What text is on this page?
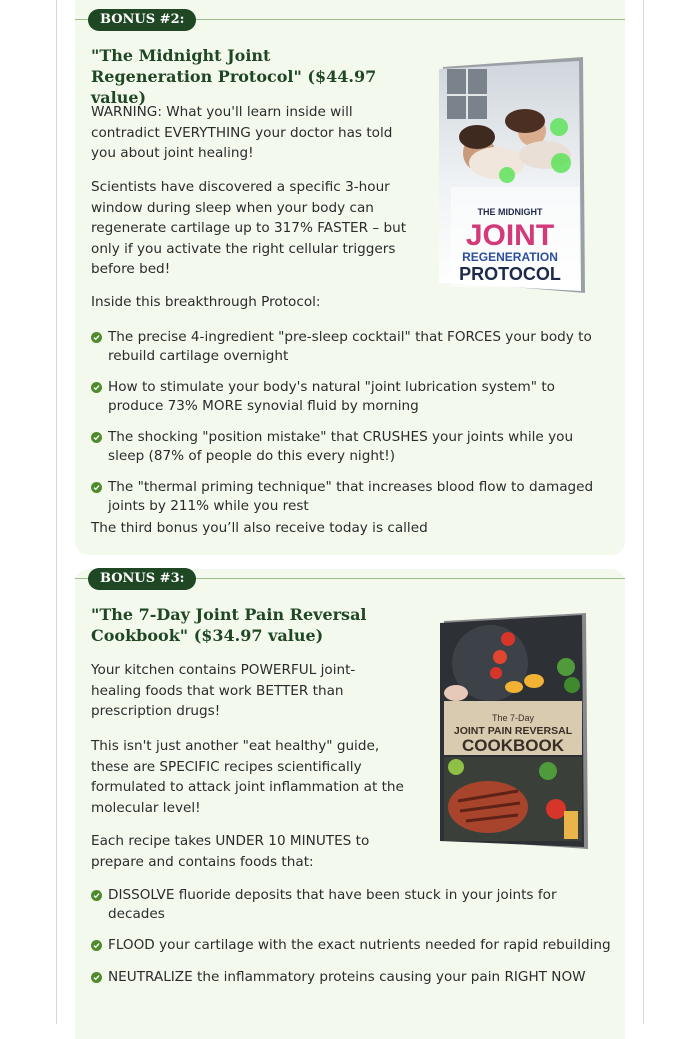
BONUS #2:
"The Midnight Joint Regeneration Protocol" ($44.97 value)

WARNING: What you'll learn inside will contradict EVERYTHING your doctor has told you about joint healing!

Scientists have discovered a specific 3-hour window during sleep when your body can regenerate cartilage up to 317% FASTER – but only if you activate the right cellular triggers before bed!

Inside this breakthrough Protocol:

The precise 4-ingredient "pre-sleep cocktail" that FORCES your body to rebuild cartilage overnight
How to stimulate your body's natural "joint lubrication system" to produce 73% MORE synovial fluid by morning
The shocking "position mistake" that CRUSHES your joints while you sleep (87% of people do this every night!)
The "thermal priming technique" that increases blood flow to damaged joints by 211% while you rest

The third bonus you’ll also receive today is called

THE MIDNIGHT
JOINT
REGENERATION
PROTOCOL
BONUS #3:
"The 7-Day Joint Pain Reversal Cookbook" ($34.97 value)

Your kitchen contains POWERFUL joint-healing foods that work BETTER than prescription drugs!

This isn't just another "eat healthy" guide, these are SPECIFIC recipes scientifically formulated to attack joint inflammation at the molecular level!

Each recipe takes UNDER 10 MINUTES to prepare and contains foods that:

DISSOLVE fluoride deposits that have been stuck in your joints for decades
FLOOD your cartilage with the exact nutrients needed for rapid rebuilding
NEUTRALIZE the inflammatory proteins causing your pain RIGHT NOW
The 7-Day
JOINT PAIN REVERSAL
COOKBOOK
